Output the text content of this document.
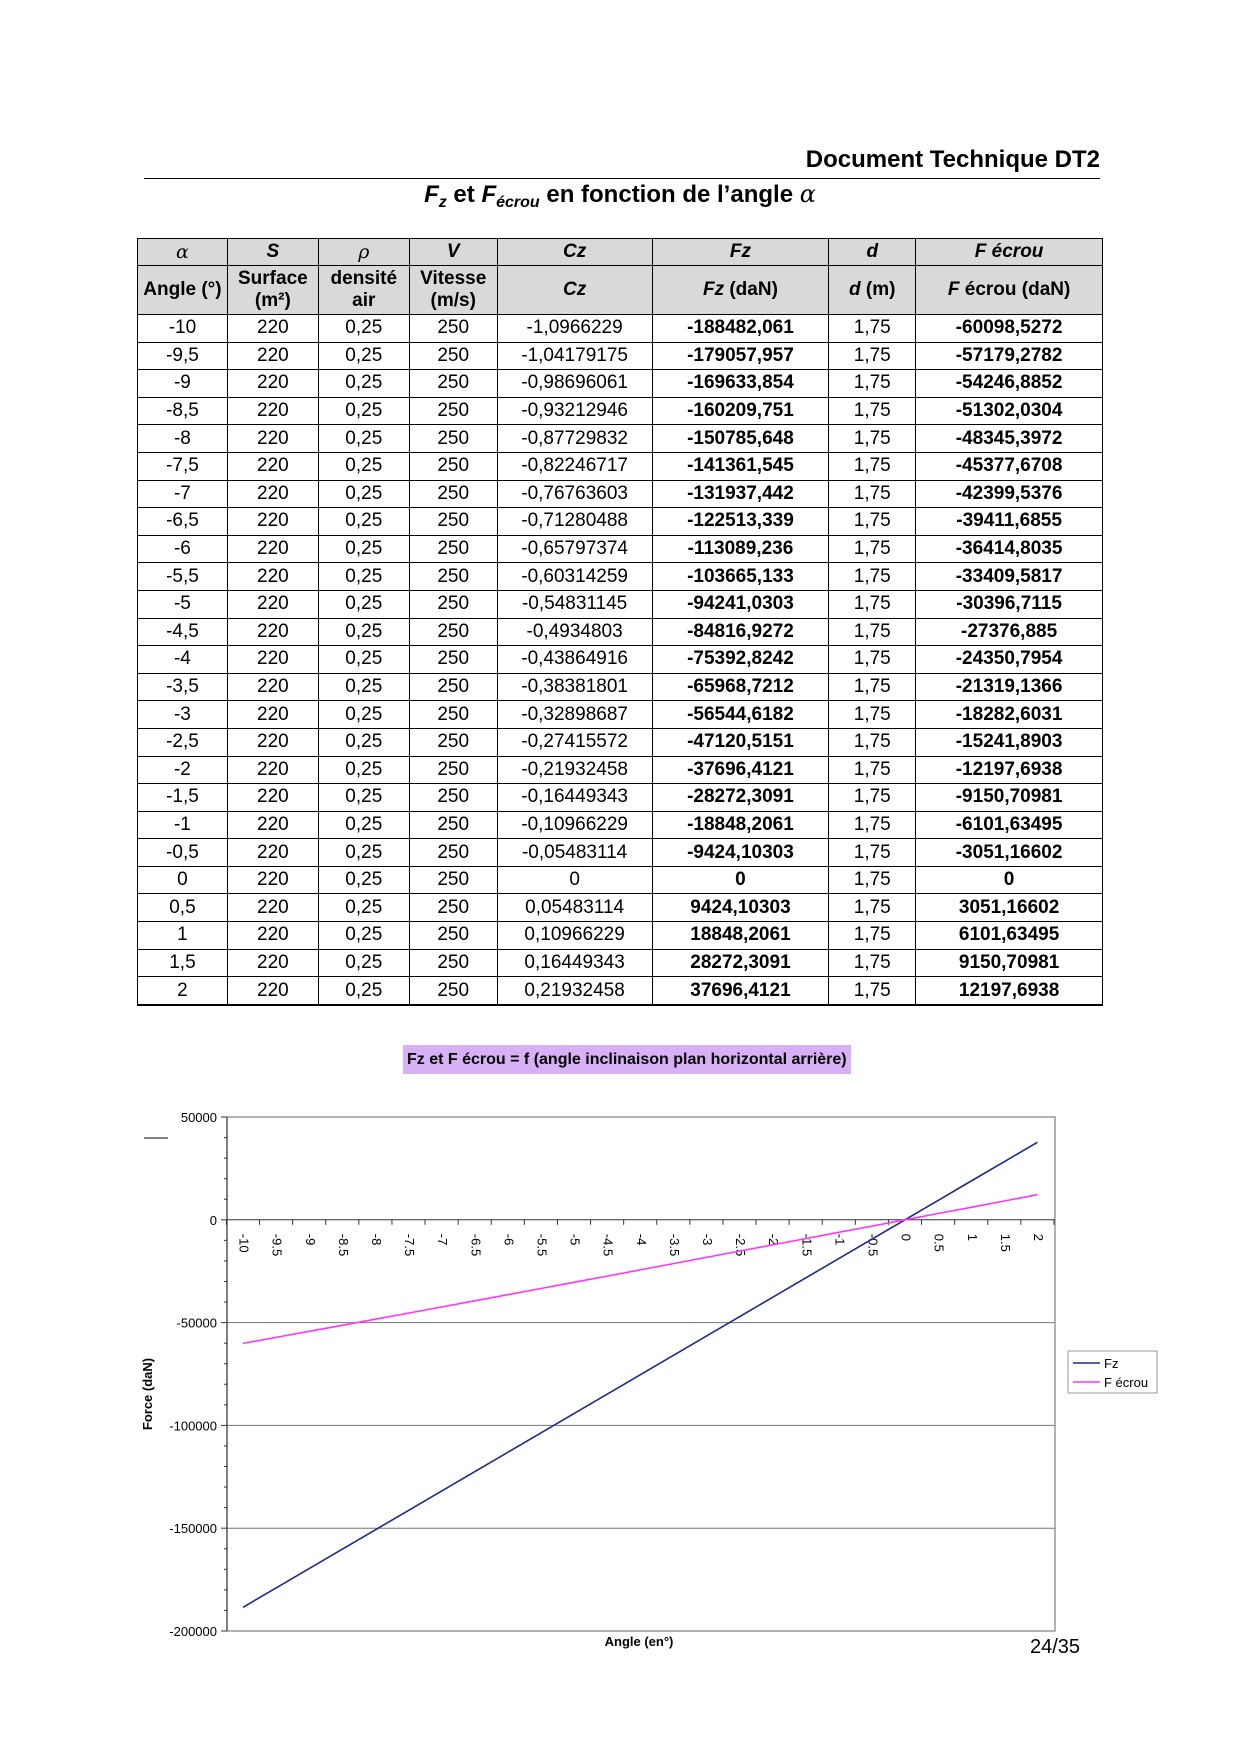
Document Technique DT2
$F_z$ et $F_{écrou}$ en fonction de l’angle α
α	S	ρ	V	Cz	Fz	d	F écrou
Angle (°)	Surface (m²)	densité air	Vitesse (m/s)	Cz	Fz (daN)	d (m)	F écrou (daN)
-10	220	0,25	250	-1,0966229	-188482,061	1,75	-60098,5272
-9,5	220	0,25	250	-1,04179175	-179057,957	1,75	-57179,2782
-9	220	0,25	250	-0,98696061	-169633,854	1,75	-54246,8852
-8,5	220	0,25	250	-0,93212946	-160209,751	1,75	-51302,0304
-8	220	0,25	250	-0,87729832	-150785,648	1,75	-48345,3972
-7,5	220	0,25	250	-0,82246717	-141361,545	1,75	-45377,6708
-7	220	0,25	250	-0,76763603	-131937,442	1,75	-42399,5376
-6,5	220	0,25	250	-0,71280488	-122513,339	1,75	-39411,6855
-6	220	0,25	250	-0,65797374	-113089,236	1,75	-36414,8035
-5,5	220	0,25	250	-0,60314259	-103665,133	1,75	-33409,5817
-5	220	0,25	250	-0,54831145	-94241,0303	1,75	-30396,7115
-4,5	220	0,25	250	-0,4934803	-84816,9272	1,75	-27376,885
-4	220	0,25	250	-0,43864916	-75392,8242	1,75	-24350,7954
-3,5	220	0,25	250	-0,38381801	-65968,7212	1,75	-21319,1366
-3	220	0,25	250	-0,32898687	-56544,6182	1,75	-18282,6031
-2,5	220	0,25	250	-0,27415572	-47120,5151	1,75	-15241,8903
-2	220	0,25	250	-0,21932458	-37696,4121	1,75	-12197,6938
-1,5	220	0,25	250	-0,16449343	-28272,3091	1,75	-9150,70981
-1	220	0,25	250	-0,10966229	-18848,2061	1,75	-6101,63495
-0,5	220	0,25	250	-0,05483114	-9424,10303	1,75	-3051,16602
0	220	0,25	250	0	0	1,75	0
0,5	220	0,25	250	0,05483114	9424,10303	1,75	3051,16602
1	220	0,25	250	0,10966229	18848,2061	1,75	6101,63495
1,5	220	0,25	250	0,16449343	28272,3091	1,75	9150,70981
2	220	0,25	250	0,21932458	37696,4121	1,75	12197,6938
Fz et F écrou = f (angle inclinaison plan horizontal arrière)
50000
0
-50000
-100000
-150000
-200000
-10 -9.5 -9 -8.5 -8 -7.5 -7 -6.5 -6 -5.5 -5 -4.5 -4 -3.5 -3 -2.5 -2 -1.5 -1 -0.5 0 0.5 1 1.5 2
Angle (en°)
Force (daN)	Fz
F écrou
24/35
